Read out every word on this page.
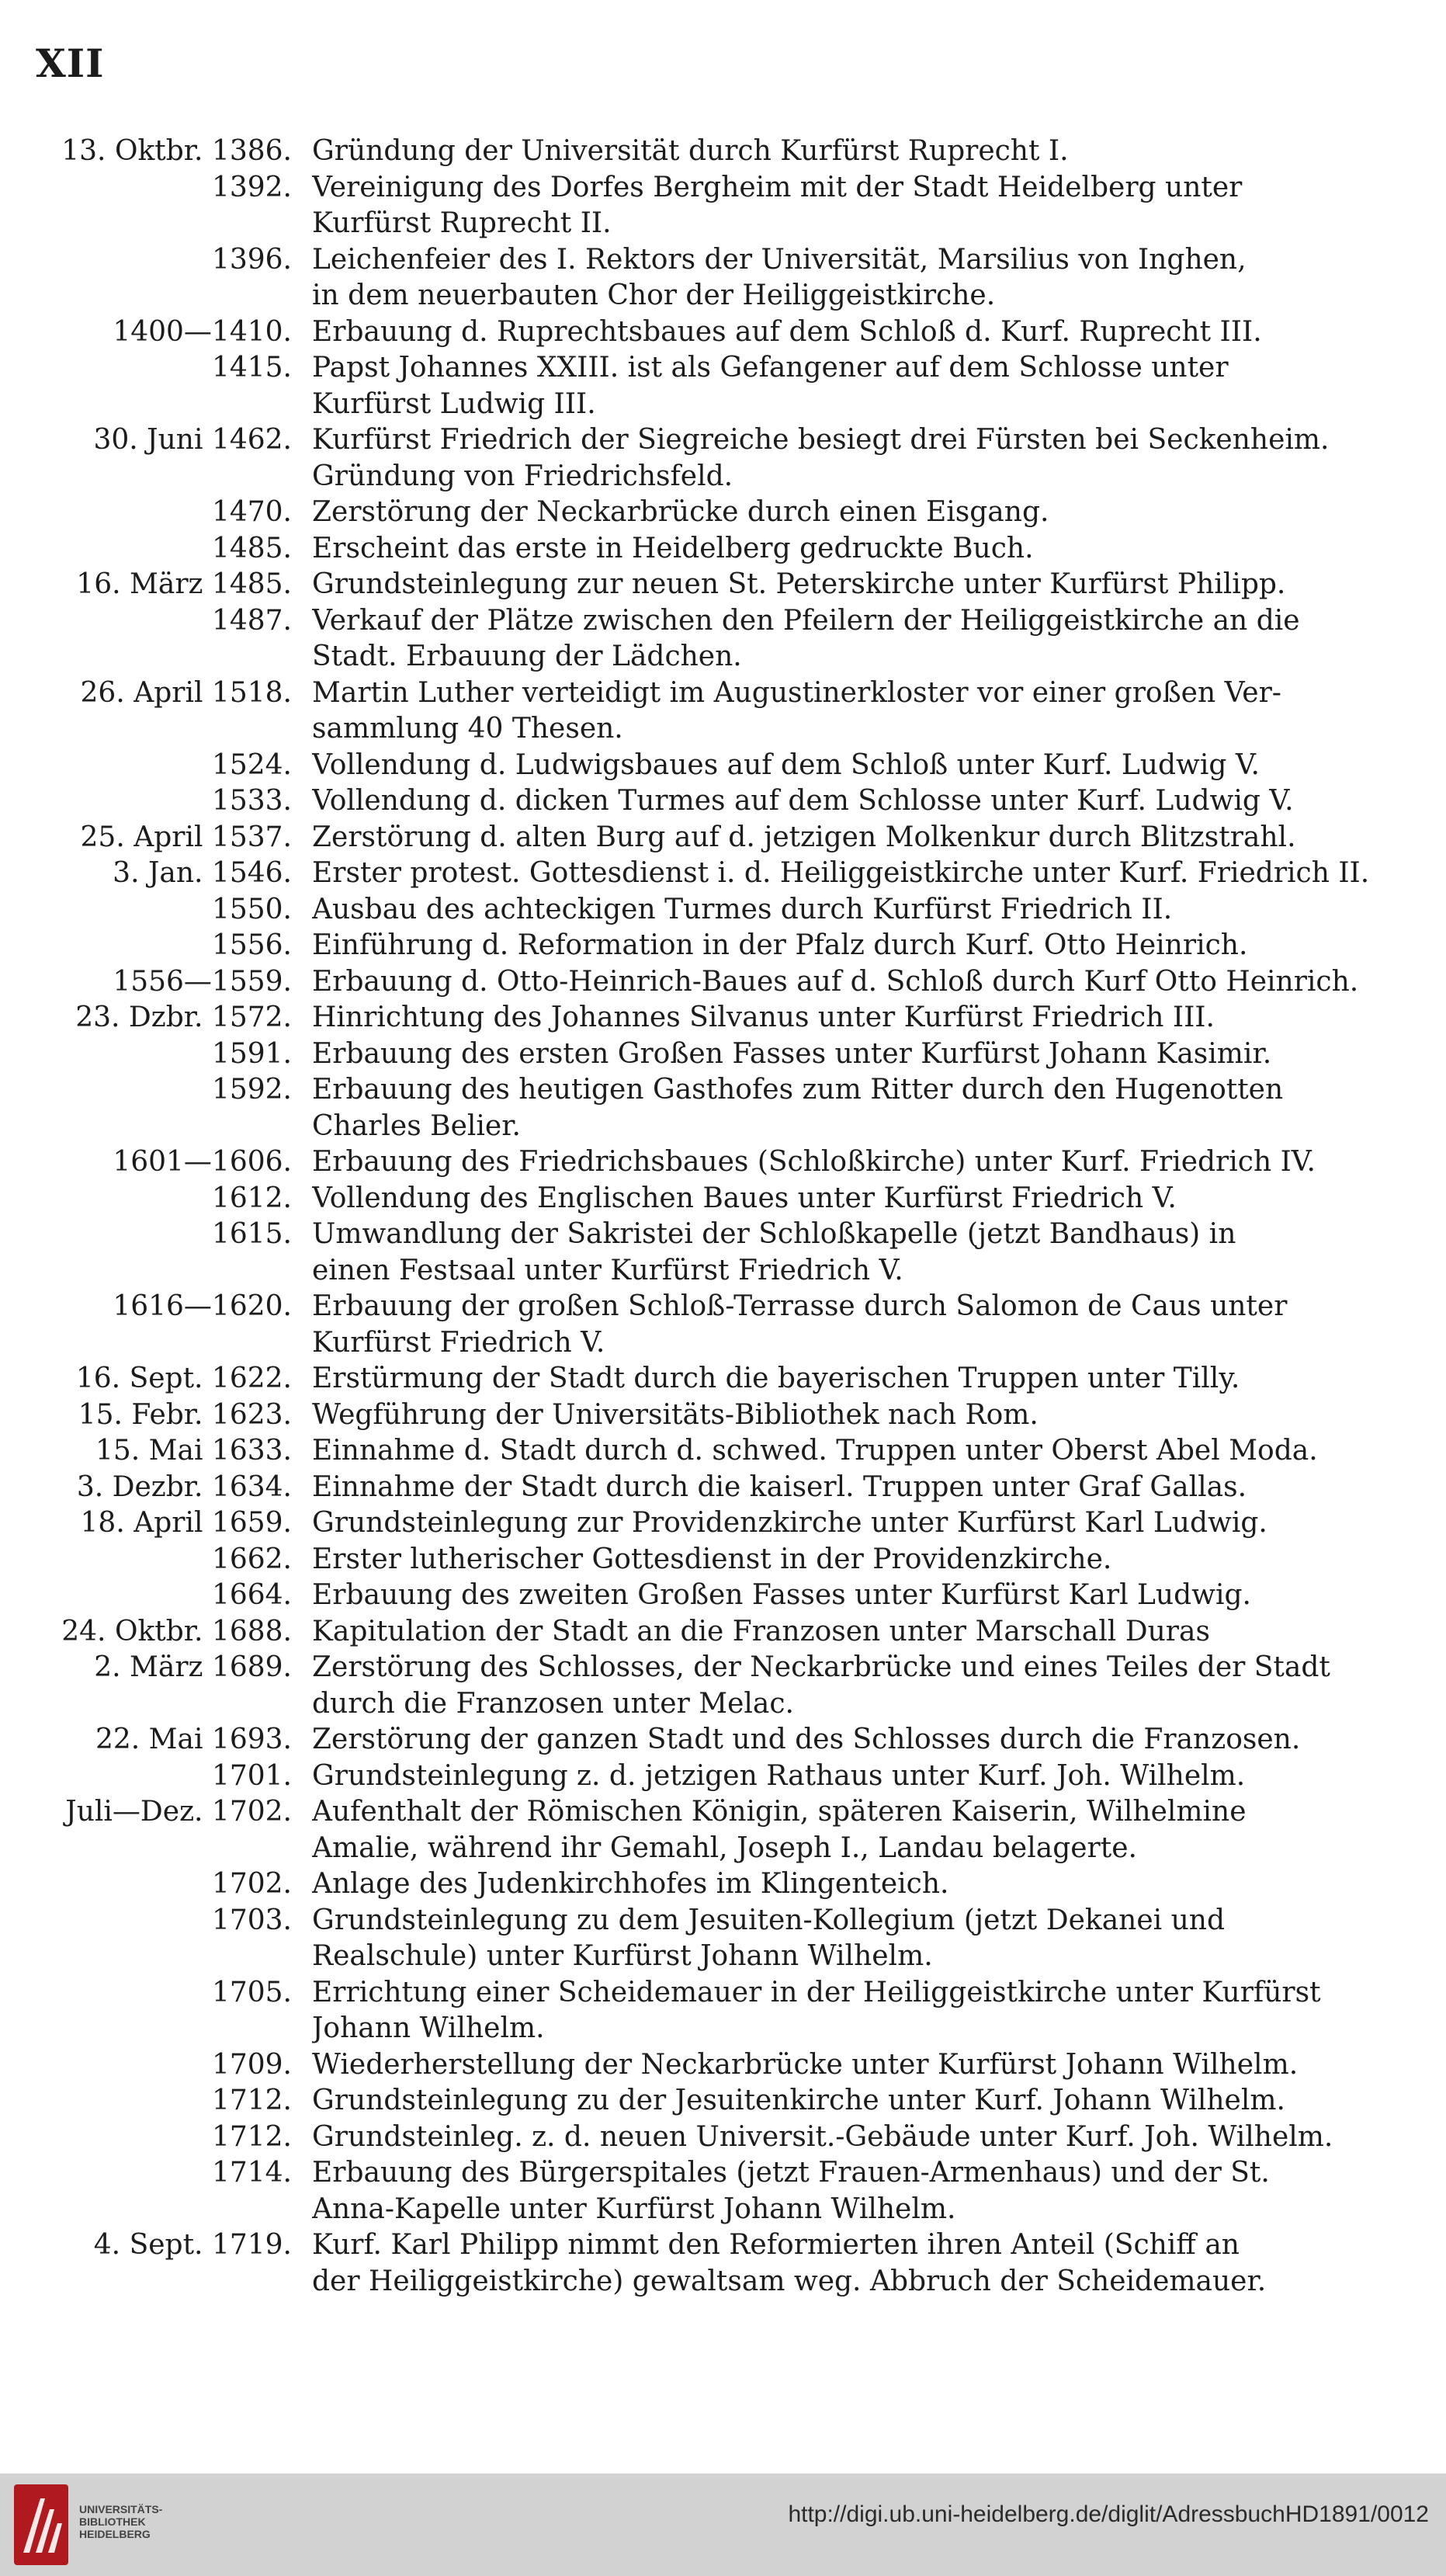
XII
13. Oktbr. 1386. Gründung der Universität durch Kurfürst Ruprecht I.
1392. Vereinigung des Dorfes Bergheim mit der Stadt Heidelberg unter
Kurfürst Ruprecht II.
1396. Leichenfeier des I. Rektors der Universität, Marsilius von Inghen,
in dem neuerbauten Chor der Heiliggeistkirche.
1400—1410. Erbauung d. Ruprechtsbaues auf dem Schloß d. Kurf. Ruprecht III.
1415. Papst Johannes XXIII. ist als Gefangener auf dem Schlosse unter
Kurfürst Ludwig III.
30. Juni 1462. Kurfürst Friedrich der Siegreiche besiegt drei Fürsten bei Seckenheim.
Gründung von Friedrichsfeld.
1470. Zerstörung der Neckarbrücke durch einen Eisgang.
1485. Erscheint das erste in Heidelberg gedruckte Buch.
16. März 1485. Grundsteinlegung zur neuen St. Peterskirche unter Kurfürst Philipp.
1487. Verkauf der Plätze zwischen den Pfeilern der Heiliggeistkirche an die
Stadt. Erbauung der Lädchen.
26. April 1518. Martin Luther verteidigt im Augustinerkloster vor einer großen Ver-
sammlung 40 Thesen.
1524. Vollendung d. Ludwigsbaues auf dem Schloß unter Kurf. Ludwig V.
1533. Vollendung d. dicken Turmes auf dem Schlosse unter Kurf. Ludwig V.
25. April 1537. Zerstörung d. alten Burg auf d. jetzigen Molkenkur durch Blitzstrahl.
3. Jan. 1546. Erster protest. Gottesdienst i. d. Heiliggeistkirche unter Kurf. Friedrich II.
1550. Ausbau des achteckigen Turmes durch Kurfürst Friedrich II.
1556. Einführung d. Reformation in der Pfalz durch Kurf. Otto Heinrich.
1556—1559. Erbauung d. Otto-Heinrich-Baues auf d. Schloß durch Kurf Otto Heinrich.
23. Dzbr. 1572. Hinrichtung des Johannes Silvanus unter Kurfürst Friedrich III.
1591. Erbauung des ersten Großen Fasses unter Kurfürst Johann Kasimir.
1592. Erbauung des heutigen Gasthofes zum Ritter durch den Hugenotten
Charles Belier.
1601—1606. Erbauung des Friedrichsbaues (Schloßkirche) unter Kurf. Friedrich IV.
1612. Vollendung des Englischen Baues unter Kurfürst Friedrich V.
1615. Umwandlung der Sakristei der Schloßkapelle (jetzt Bandhaus) in
einen Festsaal unter Kurfürst Friedrich V.
1616—1620. Erbauung der großen Schloß-Terrasse durch Salomon de Caus unter
Kurfürst Friedrich V.
16. Sept. 1622. Erstürmung der Stadt durch die bayerischen Truppen unter Tilly.
15. Febr. 1623. Wegführung der Universitäts-Bibliothek nach Rom.
15. Mai 1633. Einnahme d. Stadt durch d. schwed. Truppen unter Oberst Abel Moda.
3. Dezbr. 1634. Einnahme der Stadt durch die kaiserl. Truppen unter Graf Gallas.
18. April 1659. Grundsteinlegung zur Providenzkirche unter Kurfürst Karl Ludwig.
1662. Erster lutherischer Gottesdienst in der Providenzkirche.
1664. Erbauung des zweiten Großen Fasses unter Kurfürst Karl Ludwig.
24. Oktbr. 1688. Kapitulation der Stadt an die Franzosen unter Marschall Duras
2. März 1689. Zerstörung des Schlosses, der Neckarbrücke und eines Teiles der Stadt
durch die Franzosen unter Melac.
22. Mai 1693. Zerstörung der ganzen Stadt und des Schlosses durch die Franzosen.
1701. Grundsteinlegung z. d. jetzigen Rathaus unter Kurf. Joh. Wilhelm.
Juli—Dez. 1702. Aufenthalt der Römischen Königin, späteren Kaiserin, Wilhelmine
Amalie, während ihr Gemahl, Joseph I., Landau belagerte.
1702. Anlage des Judenkirchhofes im Klingenteich.
1703. Grundsteinlegung zu dem Jesuiten-Kollegium (jetzt Dekanei und
Realschule) unter Kurfürst Johann Wilhelm.
1705. Errichtung einer Scheidemauer in der Heiliggeistkirche unter Kurfürst
Johann Wilhelm.
1709. Wiederherstellung der Neckarbrücke unter Kurfürst Johann Wilhelm.
1712. Grundsteinlegung zu der Jesuitenkirche unter Kurf. Johann Wilhelm.
1712. Grundsteinleg. z. d. neuen Universit.-Gebäude unter Kurf. Joh. Wilhelm.
1714. Erbauung des Bürgerspitales (jetzt Frauen-Armenhaus) und der St.
Anna-Kapelle unter Kurfürst Johann Wilhelm.
4. Sept. 1719. Kurf. Karl Philipp nimmt den Reformierten ihren Anteil (Schiff an
der Heiliggeistkirche) gewaltsam weg. Abbruch der Scheidemauer.
UNIVERSITÄTS-
BIBLIOTHEK
HEIDELBERG
http://digi.ub.uni-heidelberg.de/diglit/AdressbuchHD1891/0012
